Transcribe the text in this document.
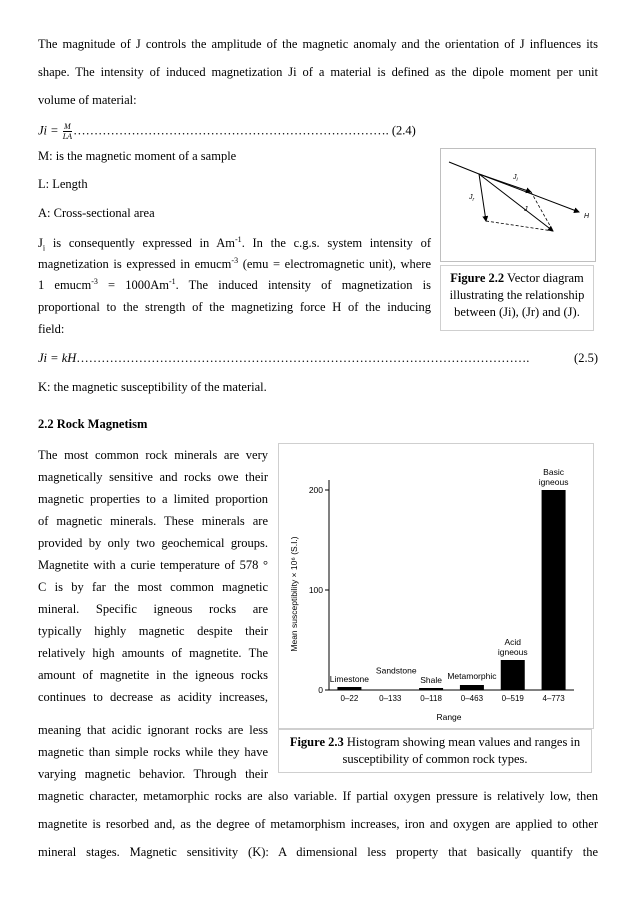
The magnitude of J controls the amplitude of the magnetic anomaly and the orientation of J influences its
shape. The intensity of induced magnetization Ji of a material is defined as the dipole moment per unit
volume of material:
$Ji = \frac{M}{LA}$ …………………………………………………………………. (2.4)
M: is the magnetic moment of a sample
L: Length
A: Cross-sectional area
$J_i$ is consequently expressed in $Am^{-1}$. In the c.g.s. system intensity of
magnetization is expressed in emucm$^{-3}$ (emu = electromagnetic unit), where
1 emucm$^{-3}$ = $1000Am^{-1}$. The induced intensity of magnetization is
proportional to the strength of the magnetizing force H of the inducing
field:
$J_i$
$J_r$
J
H
Figure 2.2 Vector diagram illustrating the relationship between (Ji), (Jr) and (J).
Ji = kH ……………………………………………………………………………………………….	(2.5)
K: the magnetic susceptibility of the material.
2.2 Rock Magnetism
The most common rock minerals are very
magnetically sensitive and rocks owe their
magnetic properties to a limited proportion
of magnetic minerals. These minerals are
provided by only two geochemical groups.
Magnetite with a curie temperature of 578 °
C is by far the most common magnetic
mineral. Specific igneous rocks are
typically highly magnetic despite their
relatively high amounts of magnetite. The
amount of magnetite in the igneous rocks
continues to decrease as acidity increases,
meaning that acidic ignorant rocks are less
magnetic than simple rocks while they have
varying magnetic behavior. Through their
0
100
200
0–22	0–133 0–118 0–463 0–519 4–773
Limestone
Sandstone
Shale Metamorphic
Acid
igneous
Basic
igneous
Mean susceptibility × 10⁶ (S.I.)
Range
Figure 2.3 Histogram showing mean values and ranges in susceptibility of common rock types.
magnetic character, metamorphic rocks are also variable. If partial oxygen pressure is relatively low, then
magnetite is resorbed and, as the degree of metamorphism increases, iron and oxygen are applied to other
mineral stages. Magnetic sensitivity (K): A dimensional less property that basically quantify the
